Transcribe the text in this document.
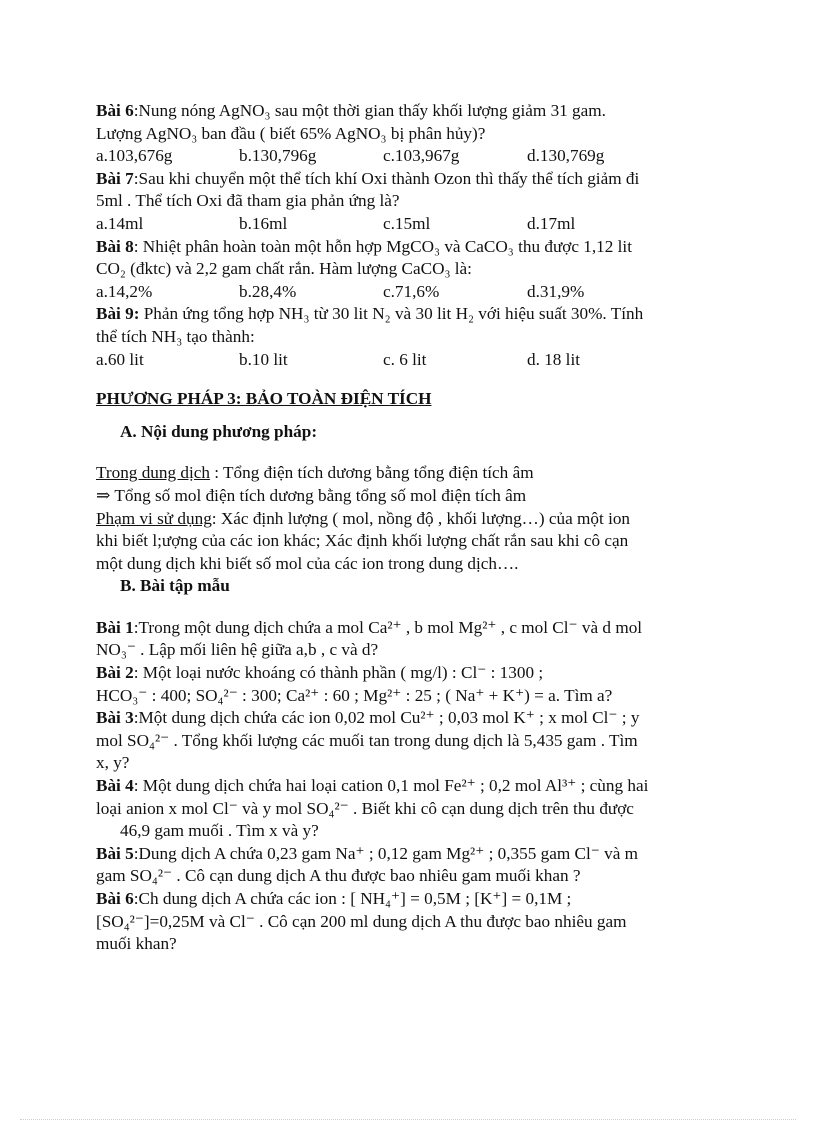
Bài 6:Nung nóng AgNO₃ sau một thời gian thấy khối lượng giảm 31 gam.
Lượng AgNO₃ ban đầu ( biết 65% AgNO₃ bị phân hủy)?
a.103,676g	b.130,796g	c.103,967g	d.130,769g
Bài 7:Sau khi chuyển một thể tích khí Oxi thành Ozon thì thấy thể tích giảm đi
5ml . Thể tích Oxi đã tham gia phản ứng là?
a.14ml	b.16ml	c.15ml	d.17ml
Bài 8: Nhiệt phân hoàn toàn một hỗn hợp MgCO₃ và CaCO₃ thu được 1,12 lit
CO₂ (đktc) và 2,2 gam chất rắn. Hàm lượng CaCO₃ là:
a.14,2%	b.28,4%	c.71,6%	d.31,9%
Bài 9: Phản ứng tổng hợp NH₃ từ 30 lit N₂ và 30 lit H₂ với hiệu suất 30%. Tính
thể tích NH₃ tạo thành:
a.60 lit	b.10 lit	c. 6 lit	d. 18 lit
PHƯƠNG PHÁP 3: BẢO TOÀN ĐIỆN TÍCH
A. Nội dung phương pháp:
Trong dung dịch : Tổng điện tích dương bằng tổng điện tích âm
⇒ Tổng số mol điện tích dương bằng tổng số mol điện tích âm
Phạm vi sử dụng: Xác định lượng ( mol, nồng độ , khối lượng…) của một ion
khi biết l;ượng của các ion khác; Xác định khối lượng chất rắn sau khi cô cạn
một dung dịch khi biết số mol của các ion trong dung dịch….
B. Bài tập mẫu
Bài 1:Trong một dung dịch chứa a mol Ca²⁺ , b mol Mg²⁺ , c mol Cl⁻ và d mol
NO₃⁻ . Lập mối liên hệ giữa a,b , c và d?
Bài 2: Một loại nước khoáng có thành phần ( mg/l) : Cl⁻ : 1300 ;
HCO₃⁻ : 400; SO₄²⁻ : 300; Ca²⁺ : 60 ; Mg²⁺ : 25 ; ( Na⁺ + K⁺) = a. Tìm a?
Bài 3:Một dung dịch chứa các ion 0,02 mol Cu²⁺ ; 0,03 mol K⁺ ; x mol Cl⁻ ; y
mol SO₄²⁻ . Tổng khối lượng các muối tan trong dung dịch là 5,435 gam . Tìm
x, y?
Bài 4: Một dung dịch chứa hai loại cation 0,1 mol Fe²⁺ ; 0,2 mol Al³⁺ ; cùng hai
loại anion x mol Cl⁻ và y mol SO₄²⁻ . Biết khi cô cạn dung dịch trên thu được
46,9 gam muối . Tìm x và y?
Bài 5:Dung dịch A chứa 0,23 gam Na⁺ ; 0,12 gam Mg²⁺ ; 0,355 gam Cl⁻ và m
gam SO₄²⁻ . Cô cạn dung dịch A thu được bao nhiêu gam muối khan ?
Bài 6:Ch dung dịch A chứa các ion : [ NH₄⁺] = 0,5M ; [K⁺] = 0,1M ;
[SO₄²⁻]=0,25M và Cl⁻ . Cô cạn 200 ml dung dịch A thu được bao nhiêu gam
muối khan?
